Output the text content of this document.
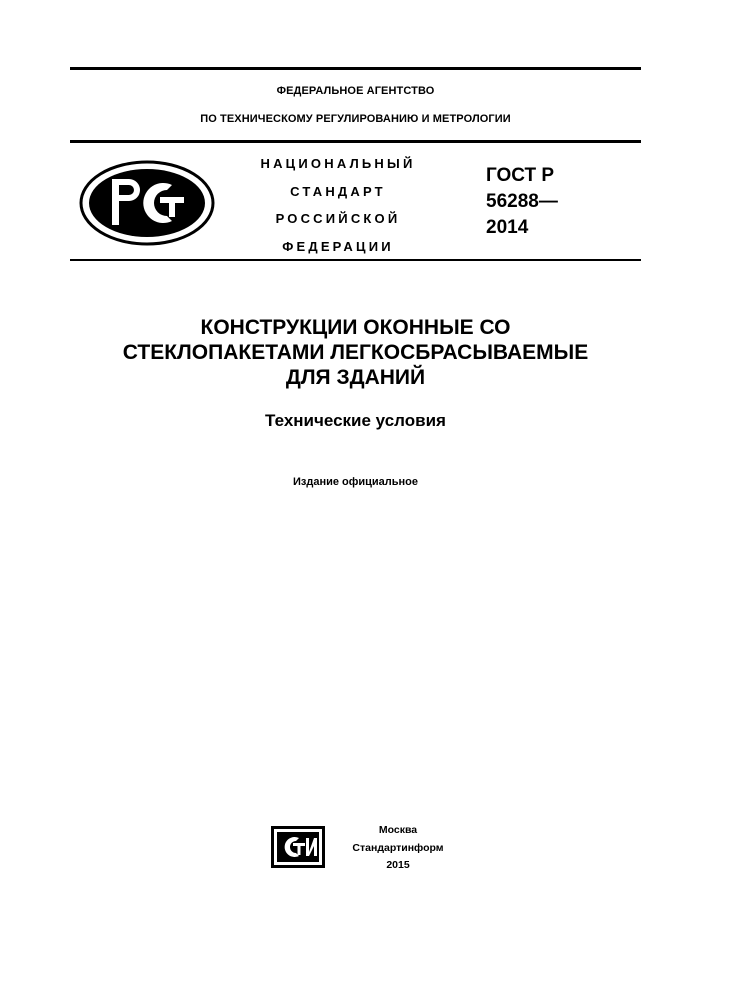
ФЕДЕРАЛЬНОЕ АГЕНТСТВО
ПО ТЕХНИЧЕСКОМУ РЕГУЛИРОВАНИЮ И МЕТРОЛОГИИ
НАЦИОНАЛЬНЫЙ
СТАНДАРТ
РОССИЙСКОЙ
ФЕДЕРАЦИИ
ГОСТ Р
56288—
2014
КОНСТРУКЦИИ ОКОННЫЕ СО
СТЕКЛОПАКЕТАМИ ЛЕГКОСБРАСЫВАЕМЫЕ
ДЛЯ ЗДАНИЙ
Технические условия
Издание официальное
Москва
Стандартинформ
2015
